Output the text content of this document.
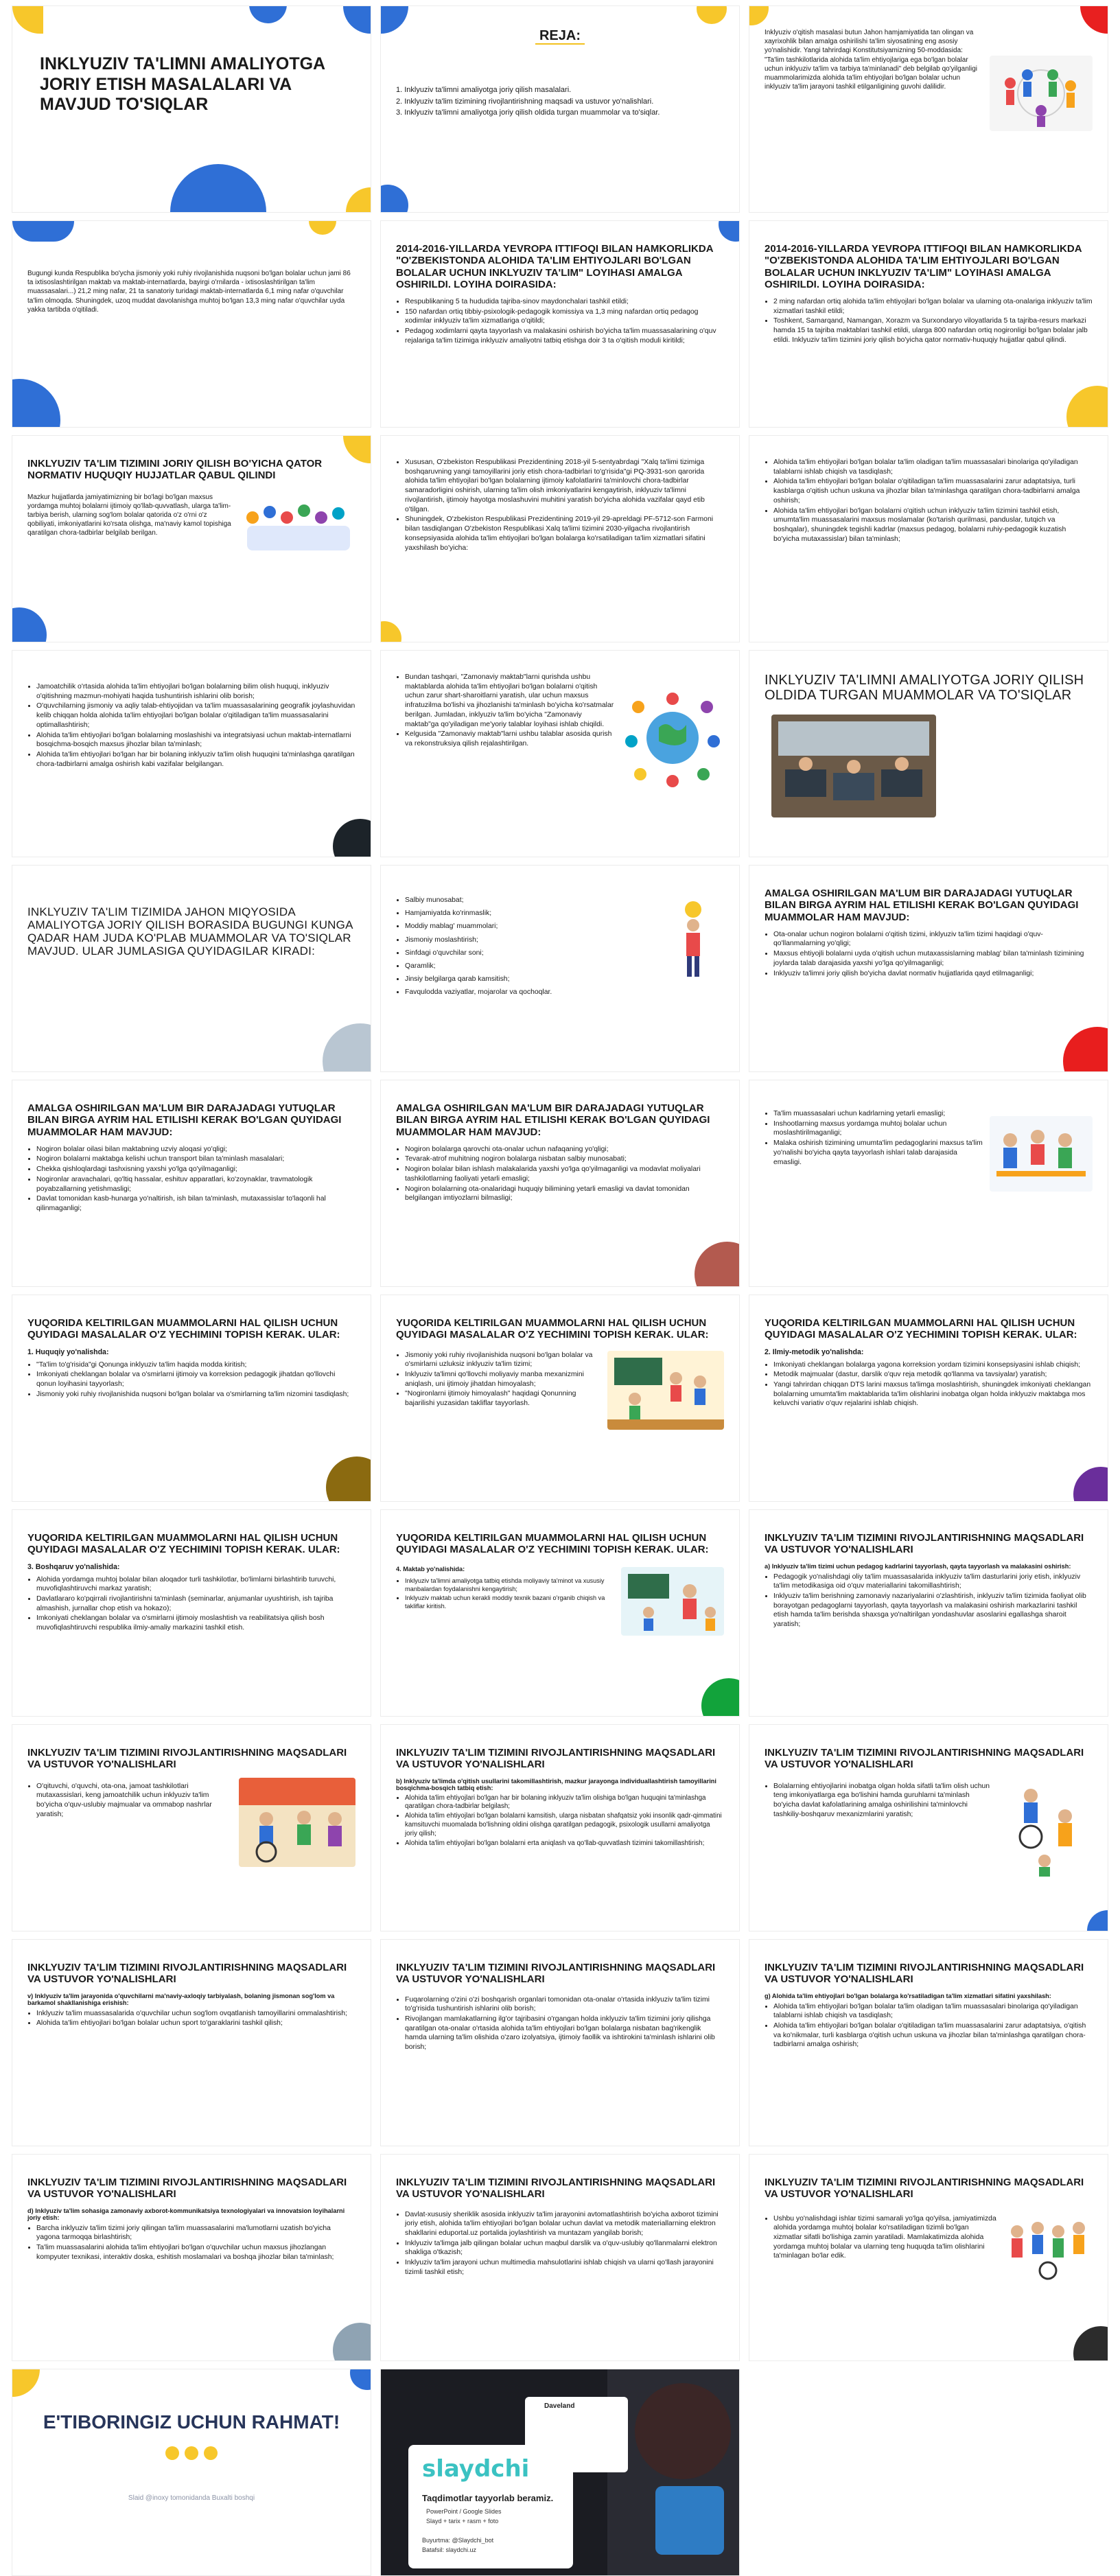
INKLYUZIV TA'LIMNI AMALIYOTGA JORIY ETISH MASALALARI VA MAVJUD TO'SIQLAR
REJA:

1. Inklyuziv ta'limni amaliyotga joriy qilish masalalari.

2. Inklyuziv ta'lim tizimining rivojlantirishning maqsadi va ustuvor yo'nalishlari.

3. Inklyuziv ta'limni amaliyotga joriy qilish oldida turgan muammolar va to'siqlar.

Inklyuziv o'qitish masalasi butun Jahon hamjamiyatida tan olingan va xayrixohlik bilan amalga oshirilishi ta'lim siyosatining eng asosiy yo'nalishidir. Yangi tahrirdagi Konstitutsiyamizning 50-moddasida: "Ta'lim tashkilotlarida alohida ta'lim ehtiyojlariga ega bo'lgan bolalar uchun inklyuziv ta'lim va tarbiya ta'minlanadi" deb belgilab qo'yilganligi muammolarimizda alohida ta'lim ehtiyojlari bo'lgan bolalar uchun inklyuziv ta'lim jarayoni tashkil etilganligining guvohi dalilidir.
Bugungi kunda Respublika bo'ycha jismoniy yoki ruhiy rivojlanishida nuqsoni bo'lgan bolalar uchun jami 86 ta ixtisoslashtirilgan maktab va maktab-internatlarda, bayirgi o'rnilarda - ixtisoslashtirilgan ta'lim muassasalari...) 21,2 ming nafar, 21 ta sanatoriy turidagi maktab-internatlarda 6,1 ming nafar o'quvchilar ta'lim olmoqda. Shuningdek, uzoq muddat davolanishga muhtoj bo'lgan 13,3 ming nafar o'quvchilar uyda yakka tartibda o'qitiladi.
2014-2016-YILLARDA YEVROPA ITTIFOQI BILAN HAMKORLIKDA "O'ZBEKISTONDA ALOHIDA TA'LIM EHTIYOJLARI BO'LGAN BOLALAR UCHUN INKLYUZIV TA'LIM" LOYIHASI AMALGA OSHIRILDI. LOYIHA DOIRASIDA:
• Respublikaning 5 ta hududida tajriba-sinov maydonchalari tashkil etildi;
• 150 nafardan ortiq tibbiy-psixologik-pedagogik komissiya va 1,3 ming nafardan ortiq pedagog xodimlar inklyuziv ta'lim xizmatlariga o'qitildi;
• Pedagog xodimlarni qayta tayyorlash va malakasini oshirish bo'yicha ta'lim muassasalarining o'quv rejalariga ta'lim tizimiga inklyuziv amaliyotni tatbiq etishga doir 3 ta o'qitish moduli kiritildi;
2014-2016-YILLARDA YEVROPA ITTIFOQI BILAN HAMKORLIKDA "O'ZBEKISTONDA ALOHIDA TA'LIM EHTIYOJLARI BO'LGAN BOLALAR UCHUN INKLYUZIV TA'LIM" LOYIHASI AMALGA OSHIRILDI. LOYIHA DOIRASIDA:
• 2 ming nafardan ortiq alohida ta'lim ehtiyojlari bo'lgan bolalar va ularning ota-onalariga inklyuziv ta'lim xizmatlari tashkil etildi;
• Toshkent, Samarqand, Namangan, Xorazm va Surxondaryo viloyatlarida 5 ta tajriba-resurs markazi hamda 15 ta tajriba maktablari tashkil etildi, ularga 800 nafardan ortiq nogironligi bo'lgan bolalar jalb etildi. Inklyuziv ta'lim tizimini joriy qilish bo'yicha qator normativ-huquqiy hujjatlar qabul qilindi.
INKLYUZIV TA'LIM TIZIMINI JORIY QILISH BO'YICHA QATOR NORMATIV HUQUQIY HUJJATLAR QABUL QILINDI
Mazkur hujjatlarda jamiyatimizning bir bo'lagi bo'lgan maxsus yordamga muhtoj bolalarni ijtimoiy qo'llab-quvvatlash, ularga ta'lim-tarbiya berish, ularning sog'lom bolalar qatorida o'z o'rni o'z qobiliyati, imkoniyatlarini ko'rsata olishga, ma'naviy kamol topishiga qaratilgan chora-tadbirlar belgilab berilgan.
• Xususan, O'zbekiston Respublikasi Prezidentining 2018-yil 5-sentyabrdagi "Xalq ta'limi tizimiga boshqaruvning yangi tamoyillarini joriy etish chora-tadbirlari to'g'risida"gi PQ-3931-son qarorida alohida ta'lim ehtiyojlari bo'lgan bolalarning ijtimoiy kafolatlarini ta'minlovchi chora-tadbirlar samaradorligini oshirish, ularning ta'lim olish imkoniyatlarini kengaytirish, inklyuziv ta'limni rivojlantirish, ijtimoiy hayotga moslashuvini muhitini yaratish bo'yicha alohida vazifalar qayd etib o'tilgan.
• Shuningdek, O'zbekiston Respublikasi Prezidentining 2019-yil 29-apreldagi PF-5712-son Farmoni bilan tasdiqlangan O'zbekiston Respublikasi Xalq ta'limi tizimini 2030-yilgacha rivojlantirish konsepsiyasida alohida ta'lim ehtiyojlari bo'lgan bolalarga ko'rsatiladigan ta'lim xizmatlari sifatini yaxshilash bo'yicha:
• Alohida ta'lim ehtiyojlari bo'lgan bolalar ta'lim oladigan ta'lim muassasalari binolariga qo'yiladigan talablarni ishlab chiqish va tasdiqlash;
• Alohida ta'lim ehtiyojlari bo'lgan bolalar o'qitiladigan ta'lim muassasalarini zarur adaptatsiya, turli kasblarga o'qitish uchun uskuna va jihozlar bilan ta'minlashga qaratilgan chora-tadbirlarni amalga oshirish;
• Alohida ta'lim ehtiyojlari bo'lgan bolalarni o'qitish uchun inklyuziv ta'lim tizimini tashkil etish, umumta'lim muassasalarini maxsus moslamalar (ko'tarish qurilmasi, panduslar, tutqich va boshqalar), shuningdek tegishli kadrlar (maxsus pedagog, bolalarni ruhiy-pedagogik kuzatish bo'yicha mutaxassislar) bilan ta'minlash;
• Jamoatchilik o'rtasida alohida ta'lim ehtiyojlari bo'lgan bolalarning bilim olish huquqi, inklyuziv o'qitishning mazmun-mohiyati haqida tushuntirish ishlarini olib borish;
• O'quvchilarning jismoniy va aqliy talab-ehtiyojidan va ta'lim muassasalarining geografik joylashuvidan kelib chiqqan holda alohida ta'lim ehtiyojlari bo'lgan bolalar o'qitiladigan ta'lim muassasalarini optimallashtirish;
• Alohida ta'lim ehtiyojlari bo'lgan bolalarning moslashishi va integratsiyasi uchun maktab-internatlarni bosqichma-bosqich maxsus jihozlar bilan ta'minlash;
• Alohida ta'lim ehtiyojlari bo'lgan har bir bolaning inklyuziv ta'lim olish huquqini ta'minlashga qaratilgan chora-tadbirlarni amalga oshirish kabi vazifalar belgilangan.
• Bundan tashqari, "Zamonaviy maktab"larni qurishda ushbu maktablarda alohida ta'lim ehtiyojlari bo'lgan bolalarni o'qitish uchun zarur shart-sharoitlarni yaratish, ular uchun maxsus infratuzilma bo'lishi va jihozlanishi ta'minlash bo'yicha ko'rsatmalar berilgan. Jumladan, inklyuziv ta'lim bo'yicha "Zamonaviy maktab"ga qo'yiladigan me'yoriy talablar loyihasi ishlab chiqildi.
• Kelgusida "Zamonaviy maktab"larni ushbu talablar asosida qurish va rekonstruksiya qilish rejalashtirilgan.
INKLYUZIV TA'LIMNI AMALIYOTGA JORIY QILISH OLDIDA TURGAN MUAMMOLAR VA TO'SIQLAR
INKLYUZIV TA'LIM TIZIMIDA JAHON MIQYOSIDA AMALIYOTGA JORIY QILISH BORASIDA BUGUNGI KUNGA QADAR HAM JUDA KO'PLAB MUAMMOLAR VA TO'SIQLAR MAVJUD. ULAR JUMLASIGA QUYIDAGILAR KIRADI:
• Salbiy munosabat;
• Hamjamiyatda ko'rinmaslik;
• Moddiy mablag' muammolari;
• Jismoniy moslashtirish;
• Sinfdagi o'quvchilar soni;
• Qaramlik;
• Jinsiy belgilarga qarab kamsitish;
• Favqulodda vaziyatlar, mojarolar va qochoqlar.
AMALGA OSHIRILGAN MA'LUM BIR DARAJADAGI YUTUQLAR BILAN BIRGA AYRIM HAL ETILISHI KERAK BO'LGAN QUYIDAGI MUAMMOLAR HAM MAVJUD:
• Ota-onalar uchun nogiron bolalarni o'qitish tizimi, inklyuziv ta'lim tizimi haqidagi o'quv-qo'llanmalarning yo'qligi;
• Maxsus ehtiyojli bolalarni uyda o'qitish uchun mutaxassislarning mablag' bilan ta'minlash tizimining joylarda talab darajasida yaxshi yo'lga qo'yilmaganligi;
• Inklyuziv ta'limni joriy qilish bo'yicha davlat normativ hujjatlarida qayd etilmaganligi;
AMALGA OSHIRILGAN MA'LUM BIR DARAJADAGI YUTUQLAR BILAN BIRGA AYRIM HAL ETILISHI KERAK BO'LGAN QUYIDAGI MUAMMOLAR HAM MAVJUD:
• Nogiron bolalar oilasi bilan maktabning uzviy aloqasi yo'qligi;
• Nogiron bolalarni maktabga kelishi uchun transport bilan ta'minlash masalalari;
• Chekka qishloqlardagi tashxisning yaxshi yo'lga qo'yilmaganligi;
• Nogironlar aravachalari, qo'ltiq hassalar, eshituv apparatlari, ko'zoynaklar, travmatologik poyabzallarning yetishmasligi;
• Davlat tomonidan kasb-hunarga yo'naltirish, ish bilan ta'minlash, mutaxassislar to'laqonli hal qilinmaganligi;
AMALGA OSHIRILGAN MA'LUM BIR DARAJADAGI YUTUQLAR BILAN BIRGA AYRIM HAL ETILISHI KERAK BO'LGAN QUYIDAGI MUAMMOLAR HAM MAVJUD:
• Nogiron bolalarga qarovchi ota-onalar uchun nafaqaning yo'qligi;
• Tevarak-atrof muhitning nogiron bolalarga nisbatan salbiy munosabati;
• Nogiron bolalar bilan ishlash malakalarida yaxshi yo'lga qo'yilmaganligi va modavlat moliyalari tashkilotlarning faoliyati yetarli emasligi;
• Nogiron bolalarning ota-onalaridagi huquqiy bilimining yetarli emasligi va davlat tomonidan belgilangan imtiyozlarni bilmasligi;
• Ta'lim muassasalari uchun kadrlarning yetarli emasligi;
• Inshootlarning maxsus yordamga muhtoj bolalar uchun moslashtirilmaganligi;
• Malaka oshirish tizimining umumta'lim pedagoglarini maxsus ta'lim yo'nalishi bo'yicha qayta tayyorlash ishlari talab darajasida emasligi.
YUQORIDA KELTIRILGAN MUAMMOLARNI HAL QILISH UCHUN QUYIDAGI MASALALAR O'Z YECHIMINI TOPISH KERAK. ULAR:
1. Huquqiy yo'nalishda:
• "Ta'lim to'g'risida"gi Qonunga inklyuziv ta'lim haqida modda kiritish;
• Imkoniyati cheklangan bolalar va o'smirlarni ijtimoiy va korreksion pedagogik jihatdan qo'llovchi qonun loyihasini tayyorlash;
• Jismoniy yoki ruhiy rivojlanishida nuqsoni bo'lgan bolalar va o'smirlarning ta'lim nizomini tasdiqlash;
YUQORIDA KELTIRILGAN MUAMMOLARNI HAL QILISH UCHUN QUYIDAGI MASALALAR O'Z YECHIMINI TOPISH KERAK. ULAR:
• Jismoniy yoki ruhiy rivojlanishida nuqsoni bo'lgan bolalar va o'smirlarni uzluksiz inklyuziv ta'lim tizimi;
• Inklyuziv ta'limni qo'llovchi moliyaviy manba mexanizmini aniqlash, uni ijtimoiy jihatdan himoyalash;
• "Nogironlarni ijtimoiy himoyalash" haqidagi Qonunning bajarilishi yuzasidan takliflar tayyorlash.
YUQORIDA KELTIRILGAN MUAMMOLARNI HAL QILISH UCHUN QUYIDAGI MASALALAR O'Z YECHIMINI TOPISH KERAK. ULAR:
2. Ilmiy-metodik yo'nalishda:
• Imkoniyati cheklangan bolalarga yagona korreksion yordam tizimini konsepsiyasini ishlab chiqish;
• Metodik majmualar (dastur, darslik o'quv reja metodik qo'llanma va tavsiyalar) yaratish;
• Yangi tahrirdan chiqqan DTS larini maxsus ta'limga moslashtirish, shuningdek imkoniyati cheklangan bolalarning umumta'lim maktablarida ta'lim olishlarini inobatga olgan holda inklyuziv maktabga mos keluvchi variativ o'quv rejalarini ishlab chiqish.
YUQORIDA KELTIRILGAN MUAMMOLARNI HAL QILISH UCHUN QUYIDAGI MASALALAR O'Z YECHIMINI TOPISH KERAK. ULAR:
3. Boshqaruv yo'nalishida:
• Alohida yordamga muhtoj bolalar bilan aloqador turli tashkilotlar, bo'limlarni birlashtirib turuvchi, muvofiqlashtiruvchi markaz yaratish;
• Davlatlararo ko'pqirrali rivojlantirishni ta'minlash (seminarlar, anjumanlar uyushtirish, ish tajriba almashish, jurnallar chop etish va hokazo);
• Imkoniyati cheklangan bolalar va o'smirlarni ijtimoiy moslashtish va reabilitatsiya qilish bosh muvofiqlashtiruvchi respublika ilmiy-amaliy markazini tashkil etish.
YUQORIDA KELTIRILGAN MUAMMOLARNI HAL QILISH UCHUN QUYIDAGI MASALALAR O'Z YECHIMINI TOPISH KERAK. ULAR:
4. Maktab yo'nalishida:
• Inklyuziv ta'limni amaliyotga tatbiq etishda moliyaviy ta'minot va xususiy manbalardan foydalanishni kengaytirish;
• Inklyuziv maktab uchun kerakli moddiy texnik bazani o'rganib chiqish va takliflar kiritish.
INKLYUZIV TA'LIM TIZIMINI RIVOJLANTIRISHNING MAQSADLARI VA USTUVOR YO'NALISHLARI
a) Inklyuziv ta'lim tizimi uchun pedagog kadrlarini tayyorlash, qayta tayyorlash va malakasini oshirish:
• Pedagogik yo'nalishdagi oliy ta'lim muassasalarida inklyuziv ta'lim dasturlarini joriy etish, inklyuziv ta'lim metodikasiga oid o'quv materiallarini takomillashtirish;
• Inklyuziv ta'lim berishning zamonaviy nazariyalarini o'zlashtirish, inklyuziv ta'lim tizimida faoliyat olib borayotgan pedagoglarni tayyorlash, qayta tayyorlash va malakasini oshirish markazlarini tashkil etish hamda ta'lim berishda shaxsga yo'naltirilgan yondashuvlar asoslarini egallashga sharoit yaratish;
INKLYUZIV TA'LIM TIZIMINI RIVOJLANTIRISHNING MAQSADLARI VA USTUVOR YO'NALISHLARI
• O'qituvchi, o'quvchi, ota-ona, jamoat tashkilotlari mutaxassislari, keng jamoatchilik uchun inklyuziv ta'lim bo'yicha o'quv-uslubiy majmualar va ommabop nashrlar yaratish;
INKLYUZIV TA'LIM TIZIMINI RIVOJLANTIRISHNING MAQSADLARI VA USTUVOR YO'NALISHLARI
b) Inklyuziv ta'limda o'qitish usullarini takomillashtirish, mazkur jarayonga individuallashtirish tamoyillarini bosqichma-bosqich tatbiq etish:
• Alohida ta'lim ehtiyojlari bo'lgan har bir bolaning inklyuziv ta'lim olishiga bo'lgan huquqini ta'minlashga qaratilgan chora-tadbirlar belgilash;
• Alohida ta'lim ehtiyojlari bo'lgan bolalarni kamsitish, ularga nisbatan shafqatsiz yoki insonlik qadr-qimmatini kamsituvchi muomalada bo'lishning oldini olishga qaratilgan pedagogik, psixologik usullarni amaliyotga joriy qilish;
• Alohida ta'lim ehtiyojlari bo'lgan bolalarni erta aniqlash va qo'llab-quvvatlash tizimini takomillashtirish;
INKLYUZIV TA'LIM TIZIMINI RIVOJLANTIRISHNING MAQSADLARI VA USTUVOR YO'NALISHLARI
• Bolalarning ehtiyojlarini inobatga olgan holda sifatli ta'lim olish uchun teng imkoniyatlarga ega bo'lishini hamda guruhlarni ta'minlash bo'yicha davlat kafolatlarining amalga oshirilishini ta'minlovchi tashkiliy-boshqaruv mexanizmlarini yaratish;
INKLYUZIV TA'LIM TIZIMINI RIVOJLANTIRISHNING MAQSADLARI VA USTUVOR YO'NALISHLARI
v) Inklyuziv ta'lim jarayonida o'quvchilarni ma'naviy-axloqiy tarbiyalash, bolaning jismonan sog'lom va barkamol shakllanishiga erishish:
• Inklyuziv ta'lim muassasalarida o'quvchilar uchun sog'lom ovqatlanish tamoyillarini ommalashtirish;
• Alohida ta'lim ehtiyojlari bo'lgan bolalar uchun sport to'garaklarini tashkil qilish;
INKLYUZIV TA'LIM TIZIMINI RIVOJLANTIRISHNING MAQSADLARI VA USTUVOR YO'NALISHLARI
• Fuqarolarning o'zini o'zi boshqarish organlari tomonidan ota-onalar o'rtasida inklyuziv ta'lim tizimi to'g'risida tushuntirish ishlarini olib borish;
• Rivojlangan mamlakatlarning ilg'or tajribasini o'rgangan holda inklyuziv ta'lim tizimini joriy qilishga qaratilgan ota-onalar o'rtasida alohida ta'lim ehtiyojlari bo'lgan bolalarga nisbatan bag'rikenglik hamda ularning ta'lim olishida o'zaro izolyatsiya, ijtimoiy faollik va ishtirokini ta'minlash ishlarini olib borish;
INKLYUZIV TA'LIM TIZIMINI RIVOJLANTIRISHNING MAQSADLARI VA USTUVOR YO'NALISHLARI
g) Alohida ta'lim ehtiyojlari bo'lgan bolalarga ko'rsatiladigan ta'lim xizmatlari sifatini yaxshilash:
• Alohida ta'lim ehtiyojlari bo'lgan bolalar ta'lim oladigan ta'lim muassasalari binolariga qo'yiladigan talablarni ishlab chiqish va tasdiqlash;
• Alohida ta'lim ehtiyojlari bo'lgan bolalar o'qitiladigan ta'lim muassasalarini zarur adaptatsiya, o'qitish va ko'nikmalar, turli kasblarga o'qitish uchun uskuna va jihozlar bilan ta'minlashga qaratilgan chora-tadbirlarni amalga oshirish;
INKLYUZIV TA'LIM TIZIMINI RIVOJLANTIRISHNING MAQSADLARI VA USTUVOR YO'NALISHLARI
d) Inklyuziv ta'lim sohasiga zamonaviy axborot-kommunikatsiya texnologiyalari va innovatsion loyihalarni joriy etish:
• Barcha inklyuziv ta'lim tizimi joriy qilingan ta'lim muassasalarini ma'lumotlarni uzatish bo'yicha yagona tarmoqqa birlashtirish;
• Ta'lim muassasalarini alohida ta'lim ehtiyojlari bo'lgan o'quvchilar uchun maxsus jihozlangan kompyuter texnikasi, interaktiv doska, eshitish moslamalari va boshqa jihozlar bilan ta'minlash;
INKLYUZIV TA'LIM TIZIMINI RIVOJLANTIRISHNING MAQSADLARI VA USTUVOR YO'NALISHLARI
• Davlat-xususiy sheriklik asosida inklyuziv ta'lim jarayonini avtomatlashtirish bo'yicha axborot tizimini joriy etish, alohida ta'lim ehtiyojlari bo'lgan bolalar uchun davlat va metodik materiallarning elektron shakllarini eduportal.uz portalida joylashtirish va muntazam yangilab borish;
• Inklyuziv ta'limga jalb qilingan bolalar uchun maqbul darslik va o'quv-uslubiy qo'llanmalarni elektron shakliga o'tkazish;
• Inklyuziv ta'lim jarayoni uchun multimedia mahsulotlarini ishlab chiqish va ularni qo'llash jarayonini tizimli tashkil etish;
INKLYUZIV TA'LIM TIZIMINI RIVOJLANTIRISHNING MAQSADLARI VA USTUVOR YO'NALISHLARI
• Ushbu yo'nalishdagi ishlar tizimi samarali yo'lga qo'yilsa, jamiyatimizda alohida yordamga muhtoj bolalar ko'rsatiladigan tizimli bo'lgan xizmatlar sifatli bo'lishiga zamin yaratiladi. Mamlakatimizda alohida yordamga muhtoj bolalar va ularning teng huquqda ta'lim olishlarini ta'minlagan bo'lar edik.
E'TIBORINGIZ UCHUN RAHMAT!
Slaid @inoxy tomonidanda Buxalti boshqi
Daveland
slaydchi
Taqdimotlar tayyorlab beramiz.
PowerPoint / Google Slides
Slayd + tarix + rasm + foto
Buyurtma: @Slaydchi_bot
Batafsil: slaydchi.uz
